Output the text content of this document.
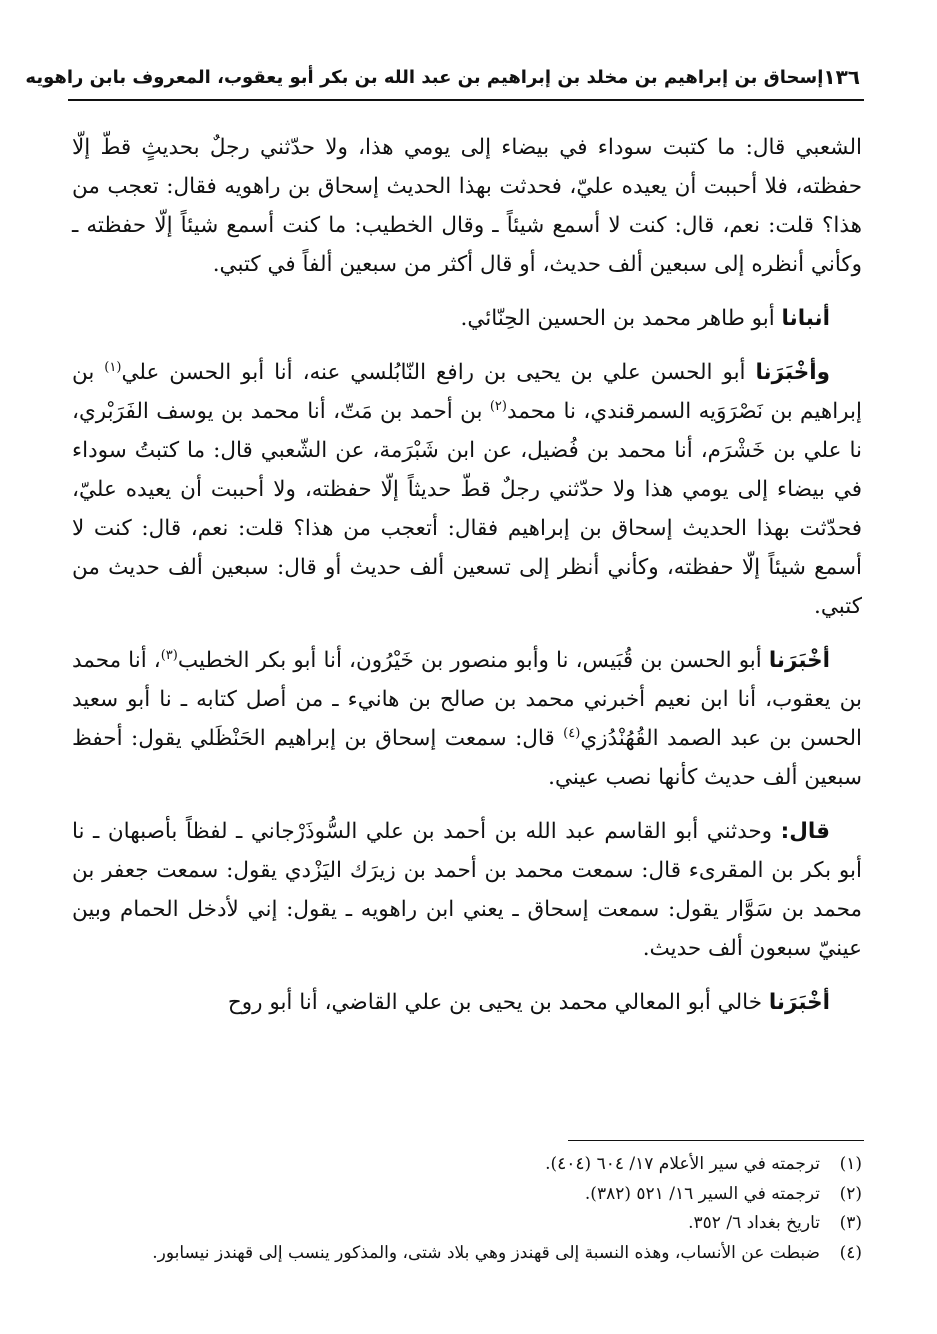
١٣٦
إسحاق بن إبراهيم بن مخلد بن إبراهيم بن عبد الله بن بكر أبو يعقوب، المعروف بابن راهويه

الشعبي قال: ما كتبت سوداء في بيضاء إلى يومي هذا، ولا حدّثني رجلٌ بحديثٍ قطّ إلّا حفظته، فلا أحببت أن يعيده عليّ، فحدثت بهذا الحديث إسحاق بن راهويه فقال: تعجب من هذا؟ قلت: نعم، قال: كنت لا أسمع شيئاً ـ وقال الخطيب: ما كنت أسمع شيئاً إلّا حفظته ـ وكأني أنظره إلى سبعين ألف حديث، أو قال أكثر من سبعين ألفاً في كتبي.

أنبانا أبو طاهر محمد بن الحسين الحِنّائي.

وأخْبَرَنا أبو الحسن علي بن يحيى بن رافع النّابُلسي عنه، أنا أبو الحسن علي$^{(١)}$ بن إبراهيم بن نَصْرَوَيه السمرقندي، نا محمد$^{(٢)}$ بن أحمد بن مَتّ، أنا محمد بن يوسف الفَرَبْري، نا علي بن خَشْرَم، أنا محمد بن فُضيل، عن ابن شَبْرَمة، عن الشّعبي قال: ما كتبتُ سوداء في بيضاء إلى يومي هذا ولا حدّثني رجلٌ قطّ حديثاً إلّا حفظته، ولا أحببت أن يعيده عليّ، فحدّثت بهذا الحديث إسحاق بن إبراهيم فقال: أتعجب من هذا؟ قلت: نعم، قال: كنت لا أسمع شيئاً إلّا حفظته، وكأني أنظر إلى تسعين ألف حديث أو قال: سبعين ألف حديث من كتبي.

أخْبَرَنا أبو الحسن بن قُبَيس، نا وأبو منصور بن خَيْرُون، أنا أبو بكر الخطيب$^{(٣)}$، أنا محمد بن يعقوب، أنا ابن نعيم أخبرني محمد بن صالح بن هانيء ـ من أصل كتابه ـ نا أبو سعيد الحسن بن عبد الصمد القُهُنْدُزي$^{(٤)}$ قال: سمعت إسحاق بن إبراهيم الحَنْظَلي يقول: أحفظ سبعين ألف حديث كأنها نصب عيني.

قال: وحدثني أبو القاسم عبد الله بن أحمد بن علي السُّوذَرْجاني ـ لفظاً بأصبهان ـ نا أبو بكر بن المقرىء قال: سمعت محمد بن أحمد بن زيرَك اليَزْدي يقول: سمعت جعفر بن محمد بن سَوَّار يقول: سمعت إسحاق ـ يعني ابن راهويه ـ يقول: إني لأدخل الحمام وبين عينيّ سبعون ألف حديث.

أخْبَرَنا خالي أبو المعالي محمد بن يحيى بن علي القاضي، أنا أبو روح

(١)
ترجمته في سير الأعلام ١٧/ ٦٠٤ (٤٠٤).
(٢)
ترجمته في السير ١٦/ ٥٢١ (٣٨٢).
(٣)
تاريخ بغداد ٦/ ٣٥٢.
(٤)
ضبطت عن الأنساب، وهذه النسبة إلى قهندز وهي بلاد شتى، والمذكور ينسب إلى قهندز نيسابور.
